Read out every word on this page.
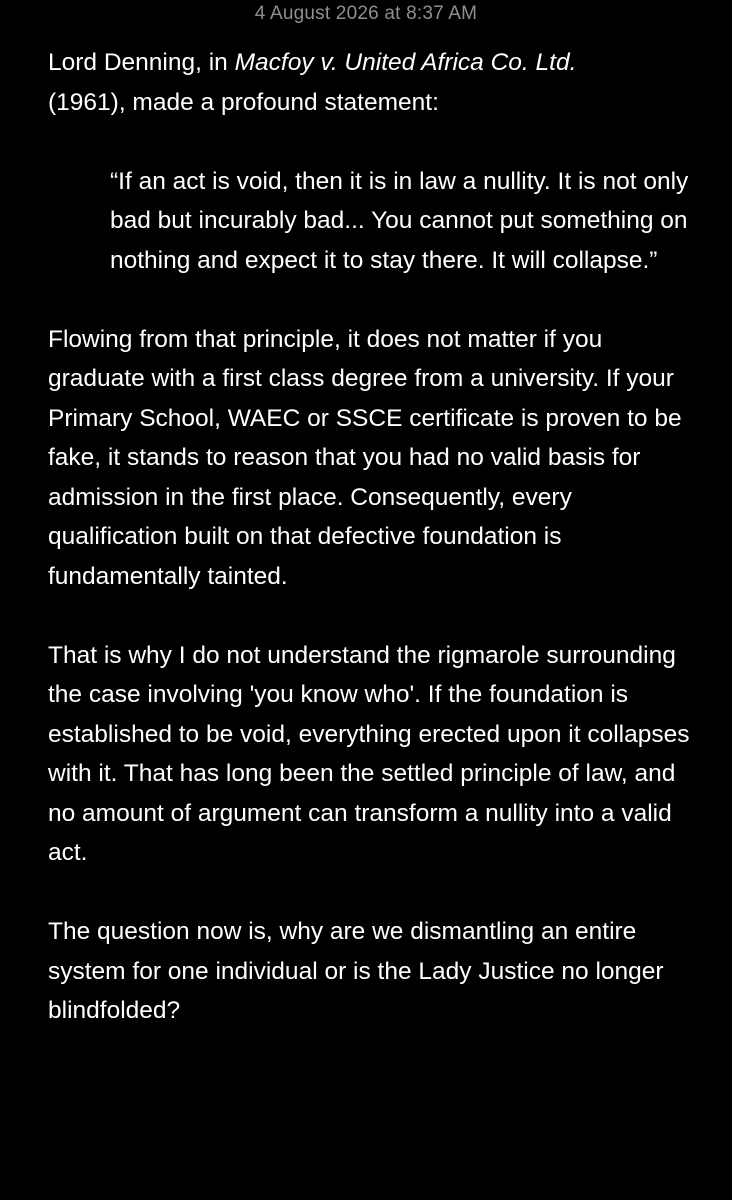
4 August 2026 at 8:37 AM

Lord Denning, in Macfoy v. United Africa Co. Ltd.
(1961), made a profound statement:

“If an act is void, then it is in law a nullity. It is not only bad but incurably bad... You cannot put something on nothing and expect it to stay there. It will collapse.”

Flowing from that principle, it does not matter if you graduate with a first class degree from a university. If your Primary School, WAEC or SSCE certificate is proven to be fake, it stands to reason that you had no valid basis for admission in the first place. Consequently, every qualification built on that defective foundation is fundamentally tainted.

That is why I do not understand the rigmarole surrounding the case involving 'you know who'. If the foundation is established to be void, everything erected upon it collapses with it. That has long been the settled principle of law, and no amount of argument can transform a nullity into a valid act.

The question now is, why are we dismantling an entire system for one individual or is the Lady Justice no longer blindfolded?
